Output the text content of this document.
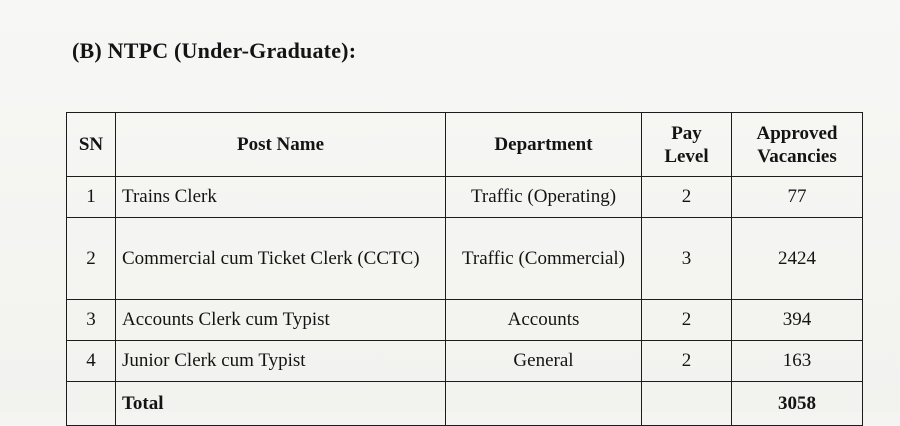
(B) NTPC (Under-Graduate):
SN	Post Name	Department	Pay Level	Approved Vacancies
1	Trains Clerk	Traffic (Operating)	2	77
2	Commercial cum Ticket Clerk (CCTC)	Traffic (Commercial)	3	2424
3	Accounts Clerk cum Typist	Accounts	2	394
4	Junior Clerk cum Typist	General	2	163
	Total			3058
